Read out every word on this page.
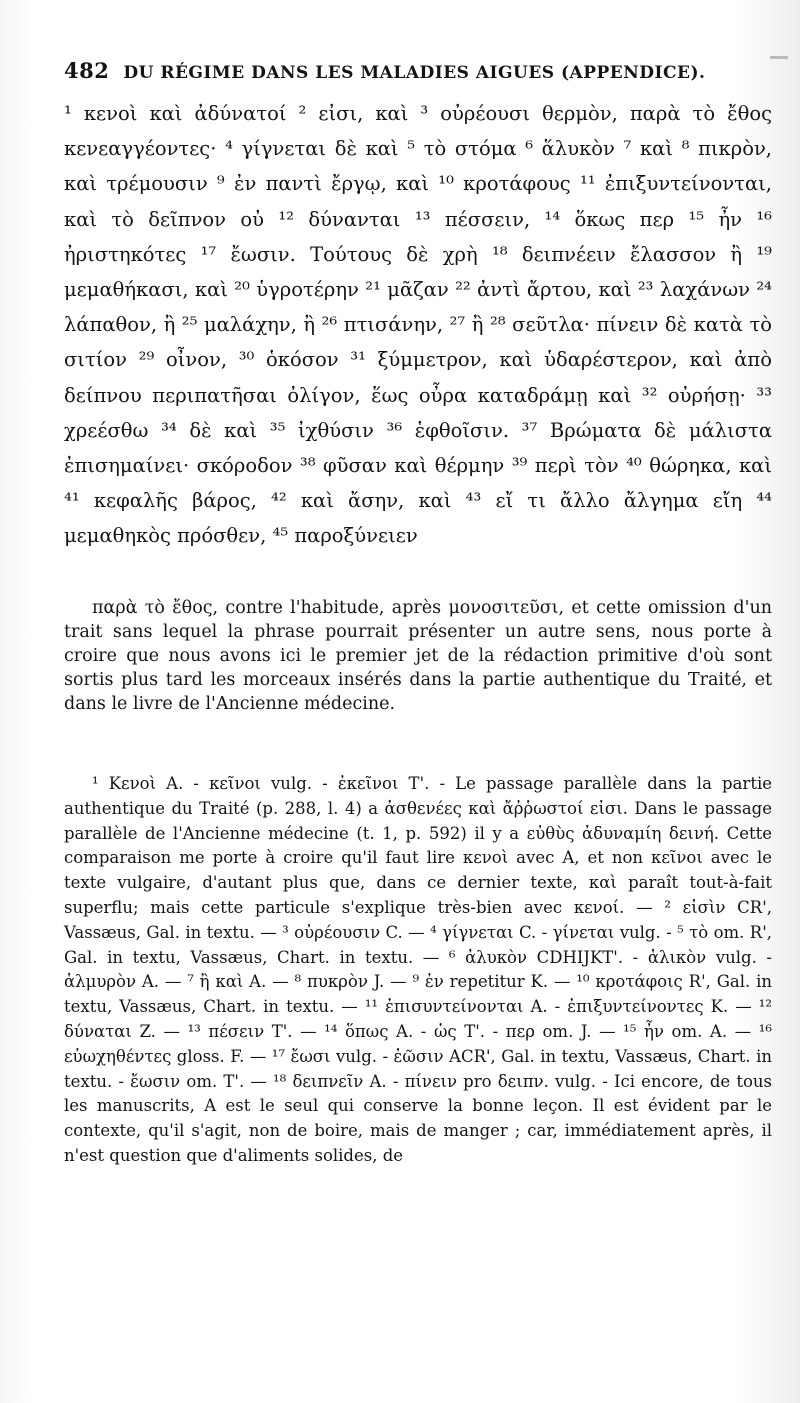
482 DU RÉGIME DANS LES MALADIES AIGUES (APPENDICE).

¹ κενοὶ καὶ ἀδύνατοί ² εἰσι, καὶ ³ οὐρέουσι θερμὸν, παρὰ τὸ ἔθος κενεαγγέοντες· ⁴ γίγνεται δὲ καὶ ⁵ τὸ στόμα ⁶ ἅλυκὸν ⁷ καὶ ⁸ πικρὸν, καὶ τρέμουσιν ⁹ ἐν παντὶ ἔργῳ, καὶ ¹⁰ κροτάφους ¹¹ ἐπιξυντείνονται, καὶ τὸ δεῖπνον οὐ ¹² δύνανται ¹³ πέσσειν, ¹⁴ ὅκως περ ¹⁵ ἦν ¹⁶ ἠριστηκότες ¹⁷ ἔωσιν. Τούτους δὲ χρὴ ¹⁸ δειπνέειν ἔλασσον ἢ ¹⁹ μεμαθήκασι, καὶ ²⁰ ὑγροτέρην ²¹ μᾶζαν ²² ἀντὶ ἄρτου, καὶ ²³ λαχάνων ²⁴ λάπαθον, ἢ ²⁵ μαλάχην, ἢ ²⁶ πτισάνην, ²⁷ ἢ ²⁸ σεῦτλα· πίνειν δὲ κατὰ τὸ σιτίον ²⁹ οἶνον, ³⁰ ὁκόσον ³¹ ξύμμετρον, καὶ ὑδαρέστερον, καὶ ἀπὸ δείπνου περιπατῆσαι ὀλίγον, ἕως οὖρα καταδράμῃ καὶ ³² οὐρήσῃ· ³³ χρεέσθω ³⁴ δὲ καὶ ³⁵ ἰχθύσιν ³⁶ ἑφθοῖσιν. ³⁷ Βρώματα δὲ μάλιστα ἐπισημαίνει· σκόροδον ³⁸ φῦσαν καὶ θέρμην ³⁹ περὶ τὸν ⁴⁰ θώρηκα, καὶ ⁴¹ κεφαλῆς βάρος, ⁴² καὶ ἄσην, καὶ ⁴³ εἴ τι ἄλλο ἄλγημα εἴη ⁴⁴ μεμαθηκὸς πρόσθεν, ⁴⁵ παροξύνειεν

παρὰ τὸ ἔθος, contre l'habitude, après μονοσιτεῦσι, et cette omission d'un trait sans lequel la phrase pourrait présenter un autre sens, nous porte à croire que nous avons ici le premier jet de la rédaction primitive d'où sont sortis plus tard les morceaux insérés dans la partie authentique du Traité, et dans le livre de l'Ancienne médecine.

¹ Κενοὶ A. - κεῖνοι vulg. - ἐκεῖνοι T'. - Le passage parallèle dans la partie authentique du Traité (p. 288, l. 4) a ἀσθενέες καὶ ἄῤῥωστοί εἰσι. Dans le passage parallèle de l'Ancienne médecine (t. 1, p. 592) il y a εὐθὺς ἀδυναμίη δεινή. Cette comparaison me porte à croire qu'il faut lire κενοὶ avec A, et non κεῖνοι avec le texte vulgaire, d'autant plus que, dans ce dernier texte, καὶ paraît tout-à-fait superflu; mais cette particule s'explique très-bien avec κενοί. — ² εἰσὶν CR', Vassæus, Gal. in textu. — ³ οὐρέουσιν C. — ⁴ γίγνεται C. - γίνεται vulg. - ⁵ τὸ om. R', Gal. in textu, Vassæus, Chart. in textu. — ⁶ ἀλυκὸν CDHIJKT'. - ἁλικὸν vulg. - ἁλμυρὸν A. — ⁷ ἢ καὶ A. — ⁸ πυκρὸν J. — ⁹ ἐν repetitur K. — ¹⁰ κροτάφοις R', Gal. in textu, Vassæus, Chart. in textu. — ¹¹ ἐπισυντείνονται A. - ἐπιξυντείνοντες K. — ¹² δύναται Z. — ¹³ πέσειν T'. — ¹⁴ ὅπως A. - ὡς T'. - περ om. J. — ¹⁵ ἦν om. A. — ¹⁶ εὐωχηθέντες gloss. F. — ¹⁷ ἔωσι vulg. - ἐῶσιν ACR', Gal. in textu, Vassæus, Chart. in textu. - ἔωσιν om. T'. — ¹⁸ δειπνεῖν A. - πίνειν pro δειπν. vulg. - Ici encore, de tous les manuscrits, A est le seul qui conserve la bonne leçon. Il est évident par le contexte, qu'il s'agit, non de boire, mais de manger ; car, immédiatement après, il n'est question que d'aliments solides, de
